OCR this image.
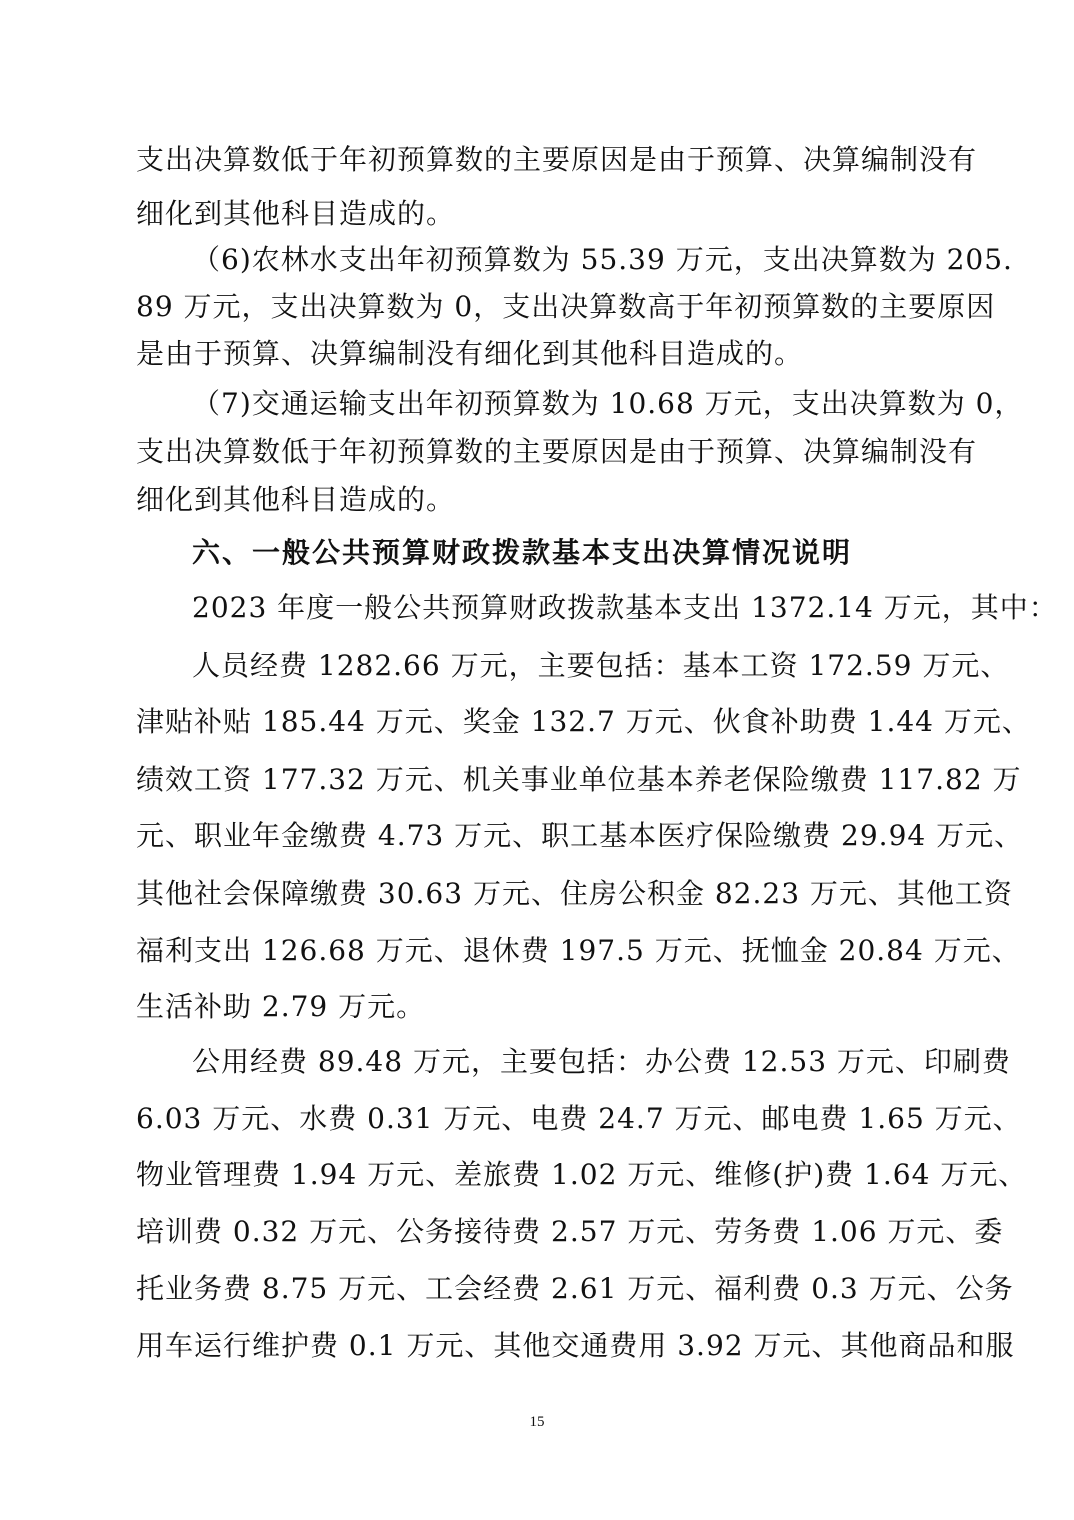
支出决算数低于年初预算数的主要原因是由于预算、决算编制没有
细化到其他科目造成的。
（6)农林水支出年初预算数为 55.39 万元，支出决算数为 205.
89 万元，支出决算数为 0，支出决算数高于年初预算数的主要原因
是由于预算、决算编制没有细化到其他科目造成的。
（7)交通运输支出年初预算数为 10.68 万元，支出决算数为 0，
支出决算数低于年初预算数的主要原因是由于预算、决算编制没有
细化到其他科目造成的。
六、一般公共预算财政拨款基本支出决算情况说明
2023 年度一般公共预算财政拨款基本支出 1372.14 万元，其中：
人员经费 1282.66 万元，主要包括：基本工资 172.59 万元、
津贴补贴 185.44 万元、奖金 132.7 万元、伙食补助费 1.44 万元、
绩效工资 177.32 万元、机关事业单位基本养老保险缴费 117.82 万
元、职业年金缴费 4.73 万元、职工基本医疗保险缴费 29.94 万元、
其他社会保障缴费 30.63 万元、住房公积金 82.23 万元、其他工资
福利支出 126.68 万元、退休费 197.5 万元、抚恤金 20.84 万元、
生活补助 2.79 万元。
公用经费 89.48 万元，主要包括：办公费 12.53 万元、印刷费
6.03 万元、水费 0.31 万元、电费 24.7 万元、邮电费 1.65 万元、
物业管理费 1.94 万元、差旅费 1.02 万元、维修(护)费 1.64 万元、
培训费 0.32 万元、公务接待费 2.57 万元、劳务费 1.06 万元、委
托业务费 8.75 万元、工会经费 2.61 万元、福利费 0.3 万元、公务
用车运行维护费 0.1 万元、其他交通费用 3.92 万元、其他商品和服
15
